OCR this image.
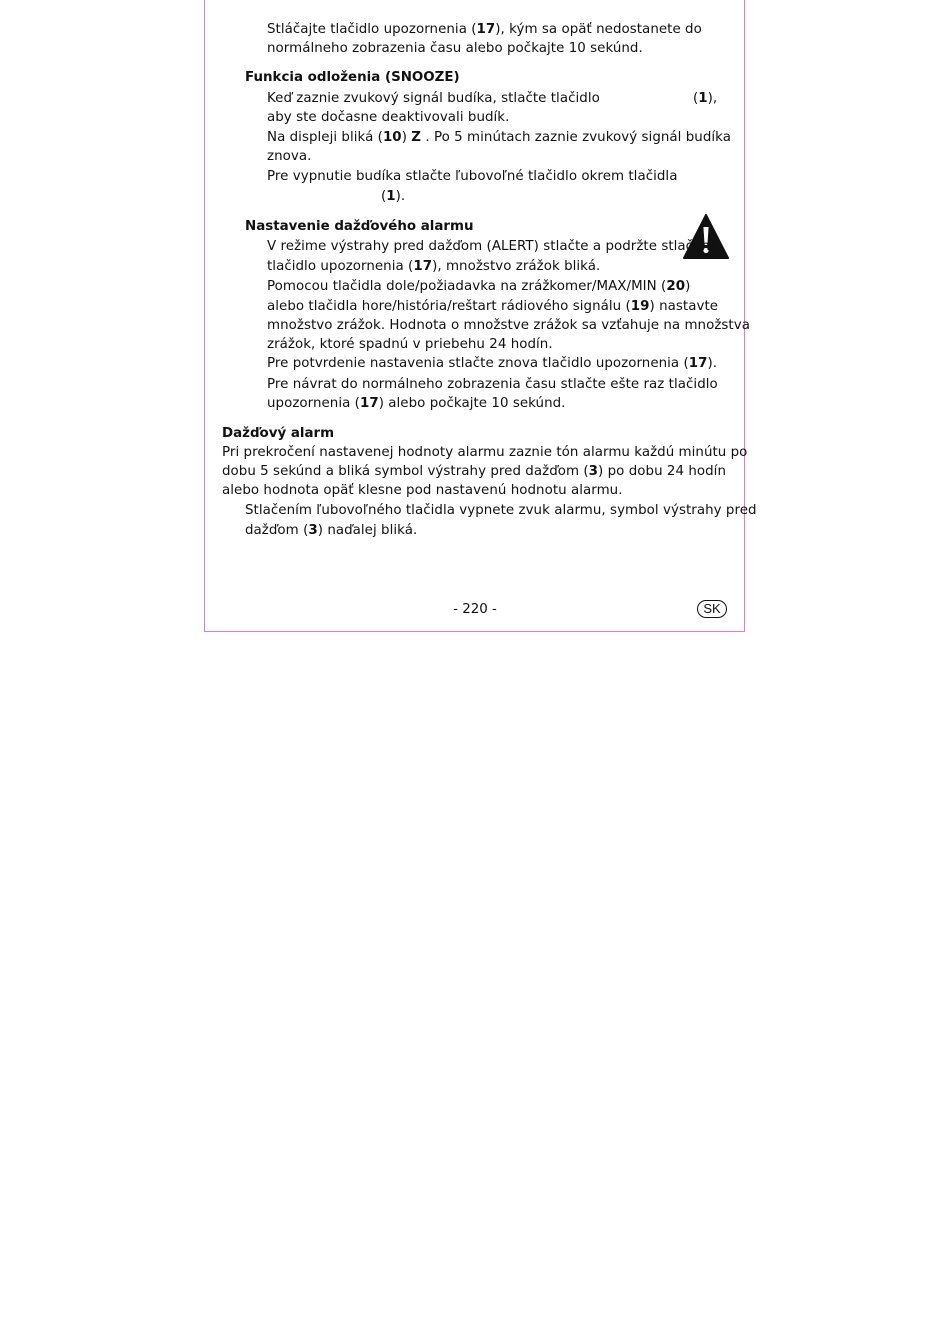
Stláčajte tlačidlo upozornenia (17), kým sa opäť nedostanete do
normálneho zobrazenia času alebo počkajte 10 sekúnd.
Funkcia odloženia (SNOOZE)
Keď zaznie zvukový signál budíka, stlačte tlačidlo	(1),
aby ste dočasne deaktivovali budík.
Na displeji bliká (10) Z . Po 5 minútach zaznie zvukový signál budíka
znova.
Pre vypnutie budíka stlačte ľubovoľné tlačidlo okrem tlačidla
(1).
Nastavenie dažďového alarmu
V režime výstrahy pred dažďom (ALERT) stlačte a podržte stlačené
tlačidlo upozornenia (17), množstvo zrážok bliká.
Pomocou tlačidla dole/požiadavka na zrážkomer/MAX/MIN (20)
alebo tlačidla hore/história/reštart rádiového signálu (19) nastavte
množstvo zrážok. Hodnota o množstve zrážok sa vzťahuje na množstva
zrážok, ktoré spadnú v priebehu 24 hodín.
Pre potvrdenie nastavenia stlačte znova tlačidlo upozornenia (17).
Pre návrat do normálneho zobrazenia času stlačte ešte raz tlačidlo
upozornenia (17) alebo počkajte 10 sekúnd.
Dažďový alarm
Pri prekročení nastavenej hodnoty alarmu zaznie tón alarmu každú minútu po
dobu 5 sekúnd a bliká symbol výstrahy pred dažďom (3) po dobu 24 hodín
alebo hodnota opäť klesne pod nastavenú hodnotu alarmu.
Stlačením ľubovoľného tlačidla vypnete zvuk alarmu, symbol výstrahy pred
dažďom (3) naďalej bliká.
- 220 -	SK
